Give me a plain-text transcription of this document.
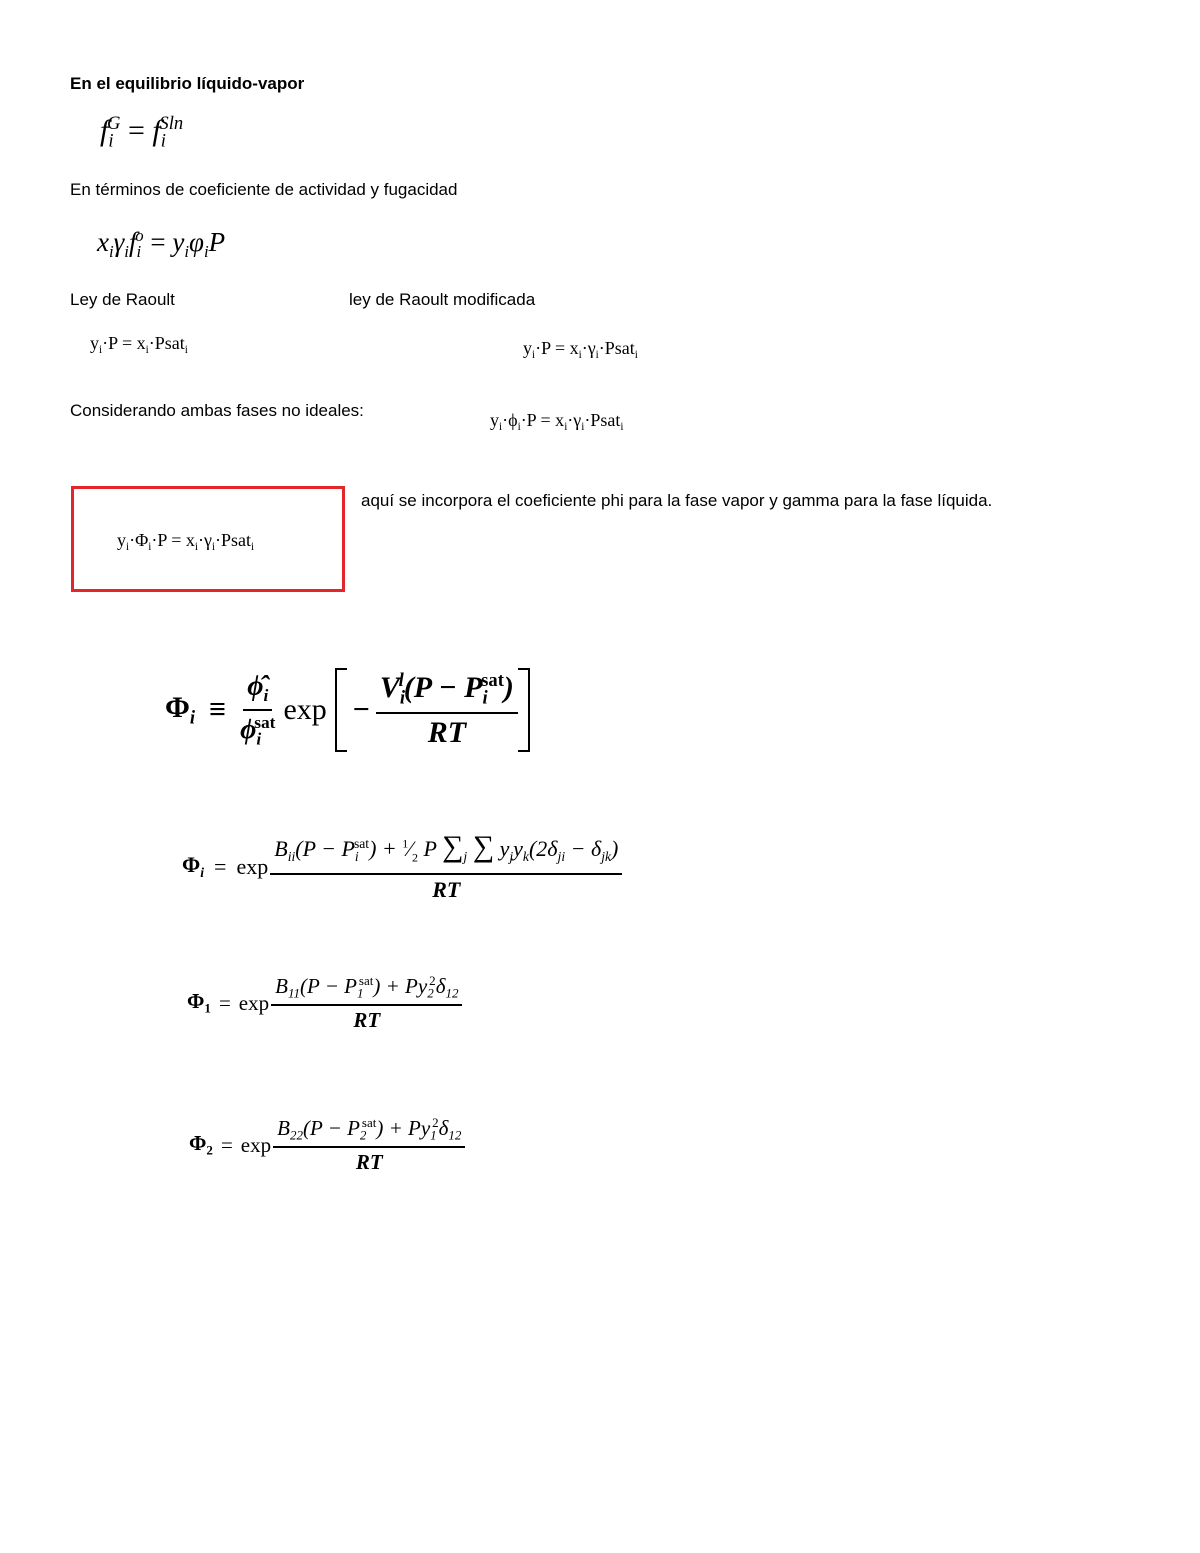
En el equilibrio líquido-vapor
$f_i^G = f_i^{Sln}$
En términos de coeficiente de actividad y fugacidad
$x_i\gamma_if_i^o = y_i\varphi_iP$
Ley de Raoult	ley de Raoult modificada
$y_i\cdot P$ = $x_i\cdot Psat_i$	$y_i\cdot P$ = $x_i\cdot\gamma_i\cdot Psat_i$
Considerando ambas fases no ideales:	$y_i\cdot\phi_i\cdot P$ = $x_i\cdot\gamma_i\cdot Psat_i$
$y_i\cdot\Phi_i\cdot P$ = $x_i\cdot\gamma_i\cdot Psat_i$
aquí se incorpora el coeficiente phi para la fase vapor y gamma para la fase líquida.
$\Phi_i \equiv \frac{\phî_i}{\phi_i^{sat}}$ $\exp - \frac{V_i^l(P - P_i^{sat})}{RT}$
$\Phi_i = \exp \frac{B_{ii}(P - P_i^{sat}) + ^1⁄_2 P \sum_j \sum y_jy_k(2\delta_{ji} - \delta_{jk})}{RT}$
$\Phi_1 = \exp \frac{B_{11}(P - P_1^{sat}) + Py_2^2\delta_{12}}{RT}$
$\Phi_2 = \exp \frac{B_{22}(P - P_2^{sat}) + Py_1^2\delta_{12}}{RT}$
